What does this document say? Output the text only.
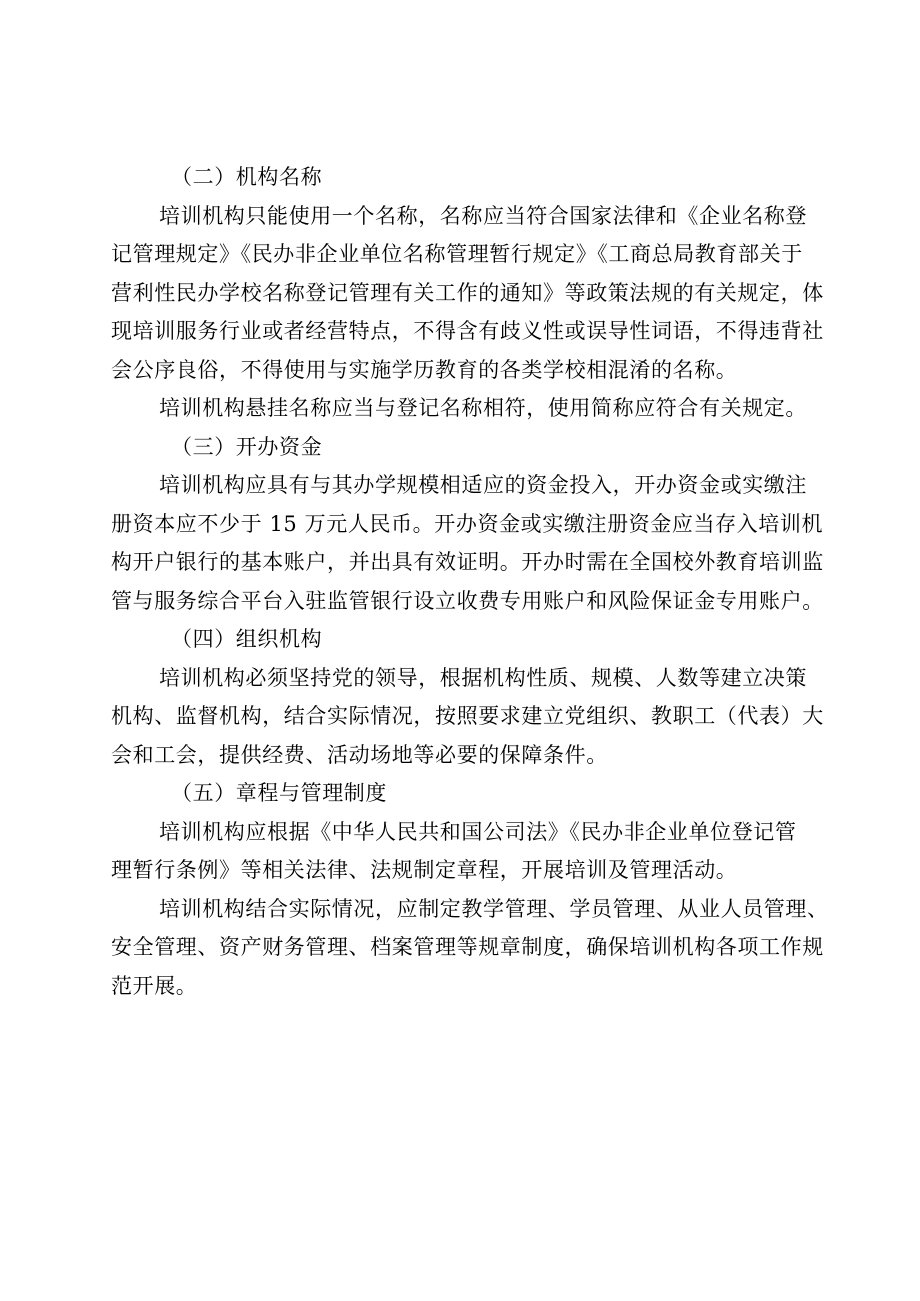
（二）机构名称
培训机构只能使用一个名称，名称应当符合国家法律和《企业名称登
记管理规定》《民办非企业单位名称管理暂行规定》《工商总局教育部关于
营利性民办学校名称登记管理有关工作的通知》等政策法规的有关规定，体
现培训服务行业或者经营特点，不得含有歧义性或误导性词语，不得违背社
会公序良俗，不得使用与实施学历教育的各类学校相混淆的名称。
培训机构悬挂名称应当与登记名称相符，使用简称应符合有关规定。
（三）开办资金
培训机构应具有与其办学规模相适应的资金投入，开办资金或实缴注
册资本应不少于 15 万元人民币。开办资金或实缴注册资金应当存入培训机
构开户银行的基本账户，并出具有效证明。开办时需在全国校外教育培训监
管与服务综合平台入驻监管银行设立收费专用账户和风险保证金专用账户。
（四）组织机构
培训机构必须坚持党的领导，根据机构性质、规模、人数等建立决策
机构、监督机构，结合实际情况，按照要求建立党组织、教职工（代表）大
会和工会，提供经费、活动场地等必要的保障条件。
（五）章程与管理制度
培训机构应根据《中华人民共和国公司法》《民办非企业单位登记管
理暂行条例》等相关法律、法规制定章程，开展培训及管理活动。
培训机构结合实际情况，应制定教学管理、学员管理、从业人员管理、
安全管理、资产财务管理、档案管理等规章制度，确保培训机构各项工作规
范开展。
